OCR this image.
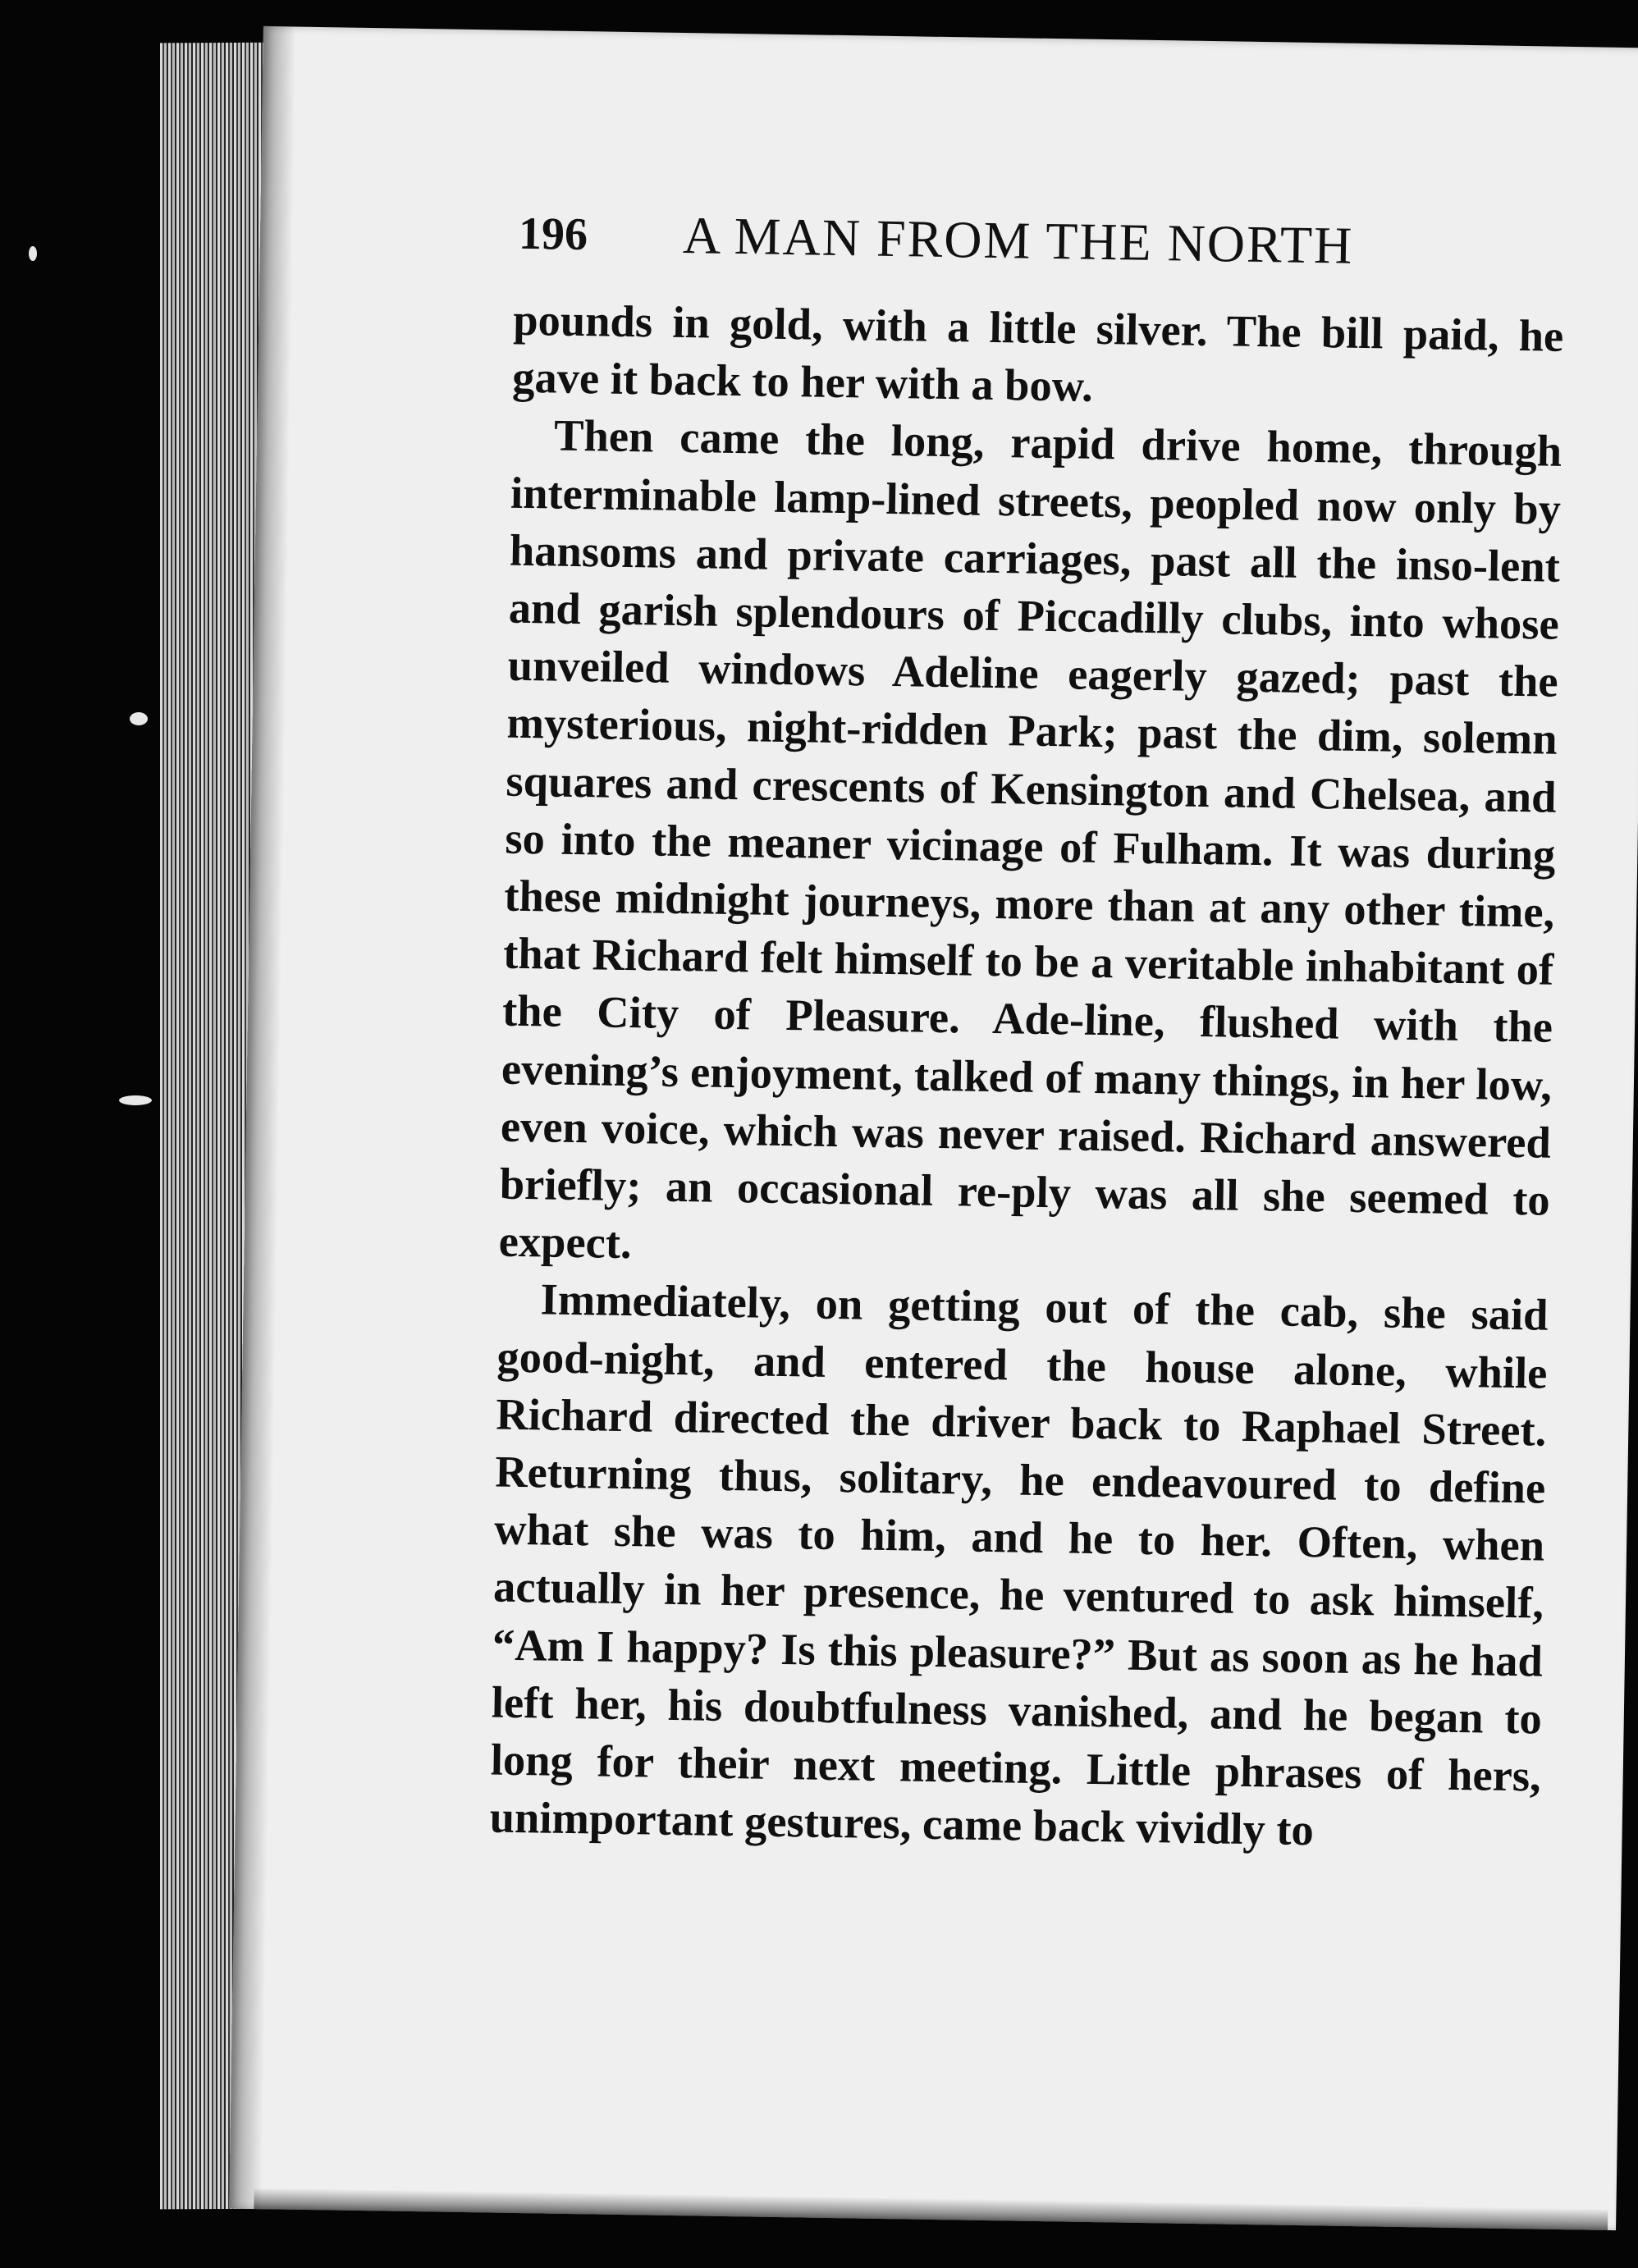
196 A MAN FROM THE NORTH

pounds in gold, with a little silver. The bill paid, he gave it back to her with a bow.

Then came the long, rapid drive home, through interminable lamp-lined streets, peopled now only by hansoms and private carriages, past all the inso-lent and garish splendours of Piccadilly clubs, into whose unveiled windows Adeline eagerly gazed; past the mysterious, night-ridden Park; past the dim, solemn squares and crescents of Kensington and Chelsea, and so into the meaner vicinage of Fulham. It was during these midnight journeys, more than at any other time, that Richard felt himself to be a veritable inhabitant of the City of Pleasure. Ade-line, flushed with the evening’s enjoyment, talked of many things, in her low, even voice, which was never raised. Richard answered briefly; an occasional re-ply was all she seemed to expect.

Immediately, on getting out of the cab, she said good-night, and entered the house alone, while Richard directed the driver back to Raphael Street. Returning thus, solitary, he endeavoured to define what she was to him, and he to her. Often, when actually in her presence, he ventured to ask himself, “Am I happy? Is this pleasure?” But as soon as he had left her, his doubtfulness vanished, and he began to long for their next meeting. Little phrases of hers, unimportant gestures, came back vividly to
